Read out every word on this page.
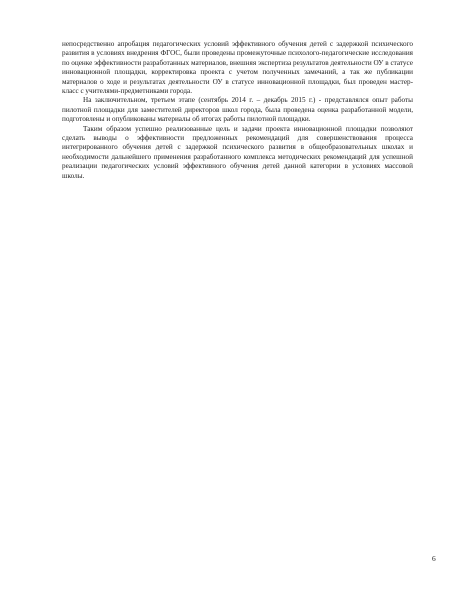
непосредственно апробация педагогических условий эффективного обучения детей с задержкой психического развития в условиях внедрения ФГОС, были проведены промежуточные психолого-педагогические исследования по оценке эффективности разработанных материалов, внешняя экспертиза результатов деятельности ОУ в статусе инновационной площадки, корректировка проекта с учетом полученных замечаний, а так же публикации материалов о ходе и результатах деятельности ОУ в статусе инновационной площадки, был проведен мастер-класс с учителями-предметниками города.

На заключительном, третьем этапе (сентябрь 2014 г. – декабрь 2015 г.) - представлялся опыт работы пилотной площадки для заместителей директоров школ города, была проведена оценка разработанной модели, подготовлены и опубликованы материалы об итогах работы пилотной площадки.

Таким образом успешно реализованные цель и задачи проекта инновационной площадки позволяют сделать выводы о эффективности предложенных рекомендаций для совершенствования процесса интегрированного обучения детей с задержкой психического развития в общеобразовательных школах и необходимости дальнейшего применения разработанного комплекса методических рекомендаций для успешной реализации педагогических условий эффективного обучения детей данной категории в условиях массовой школы.

6
